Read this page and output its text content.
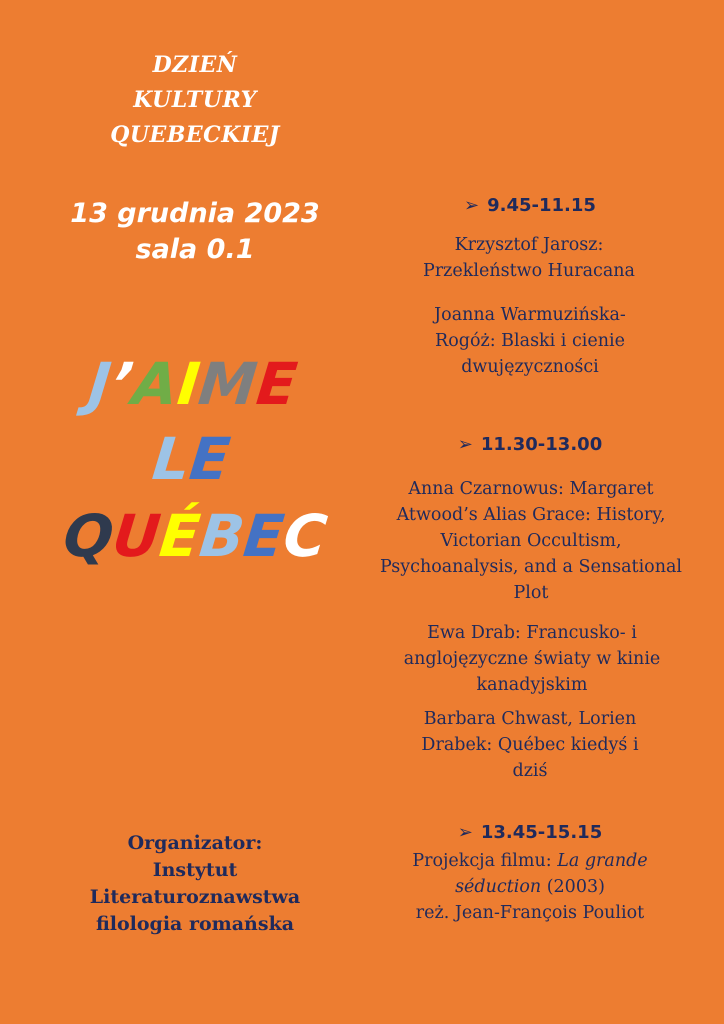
DZIEŃ
KULTURY
QUEBECKIEJ
13 grudnia 2023
sala 0.1
J’AIME
LE
QUÉBEC
Organizator:
Instytut
Literaturoznawstwa
filologia romańska
➢ 9.45-11.15

Krzysztof Jarosz: Przekleństwo Huracana

Joanna Warmuzińska-Rogóż: Blaski i cienie dwujęzyczności

➢ 11.30-13.00

Anna Czarnowus: Margaret Atwood’s Alias Grace: History, Victorian Occultism, Psychoanalysis, and a Sensational Plot

Ewa Drab: Francusko- i anglojęzyczne światy w kinie kanadyjskim

Barbara Chwast, Lorien Drabek: Québec kiedyś i dziś

➢ 13.45-15.15
Projekcja filmu: La grande séduction (2003)
reż. Jean-François Pouliot
